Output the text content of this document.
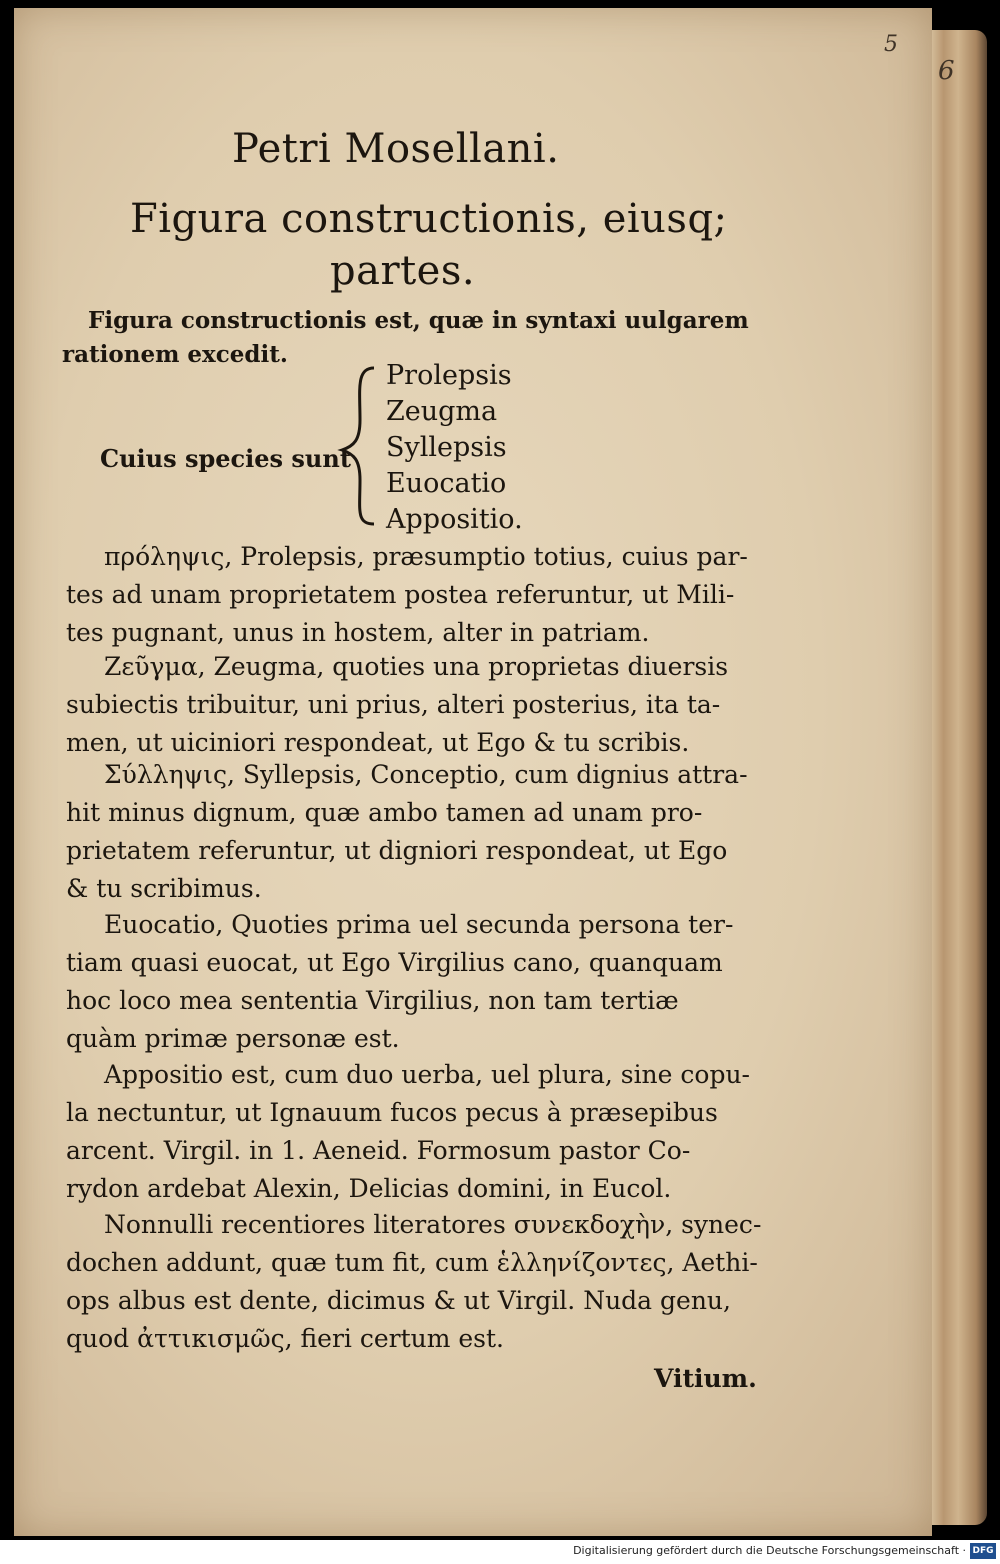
5
6
Petri Mosellani.
Figura constructionis, eiusq;
partes.
Figura constructionis est, quæ in syntaxi uulgarem
rationem excedit.
Cuius species sunt
Prolepsis
Zeugma
Syllepsis
Euocatio
Appositio.
πρόληψις, Prolepsis, præsumptio totius, cuius par-
tes ad unam proprietatem postea referuntur, ut Mili-
tes pugnant, unus in hostem, alter in patriam.
Ζεῦγμα, Zeugma, quoties una proprietas diuersis
subiectis tribuitur, uni prius, alteri posterius, ita ta-
men, ut uiciniori respondeat, ut Ego & tu scribis.
Σύλληψις, Syllepsis, Conceptio, cum dignius attra-
hit minus dignum, quæ ambo tamen ad unam pro-
prietatem referuntur, ut digniori respondeat, ut Ego
& tu scribimus.
Euocatio, Quoties prima uel secunda persona ter-
tiam quasi euocat, ut Ego Virgilius cano, quanquam
hoc loco mea sententia Virgilius, non tam tertiæ
quàm primæ personæ est.
Appositio est, cum duo uerba, uel plura, sine copu-
la nectuntur, ut Ignauum fucos pecus à præsepibus
arcent. Virgil. in 1. Aeneid. Formosum pastor Co-
rydon ardebat Alexin, Delicias domini, in Eucol.
Nonnulli recentiores literatores συνεκδοχὴν, synec-
dochen addunt, quæ tum fit, cum ἑλληνίζοντες, Aethi-
ops albus est dente, dicimus & ut Virgil. Nuda genu,
quod ἀττικισμῶς, fieri certum est.
Vitium.
Digitalisierung gefördert durch die Deutsche Forschungsgemeinschaft · DFG
